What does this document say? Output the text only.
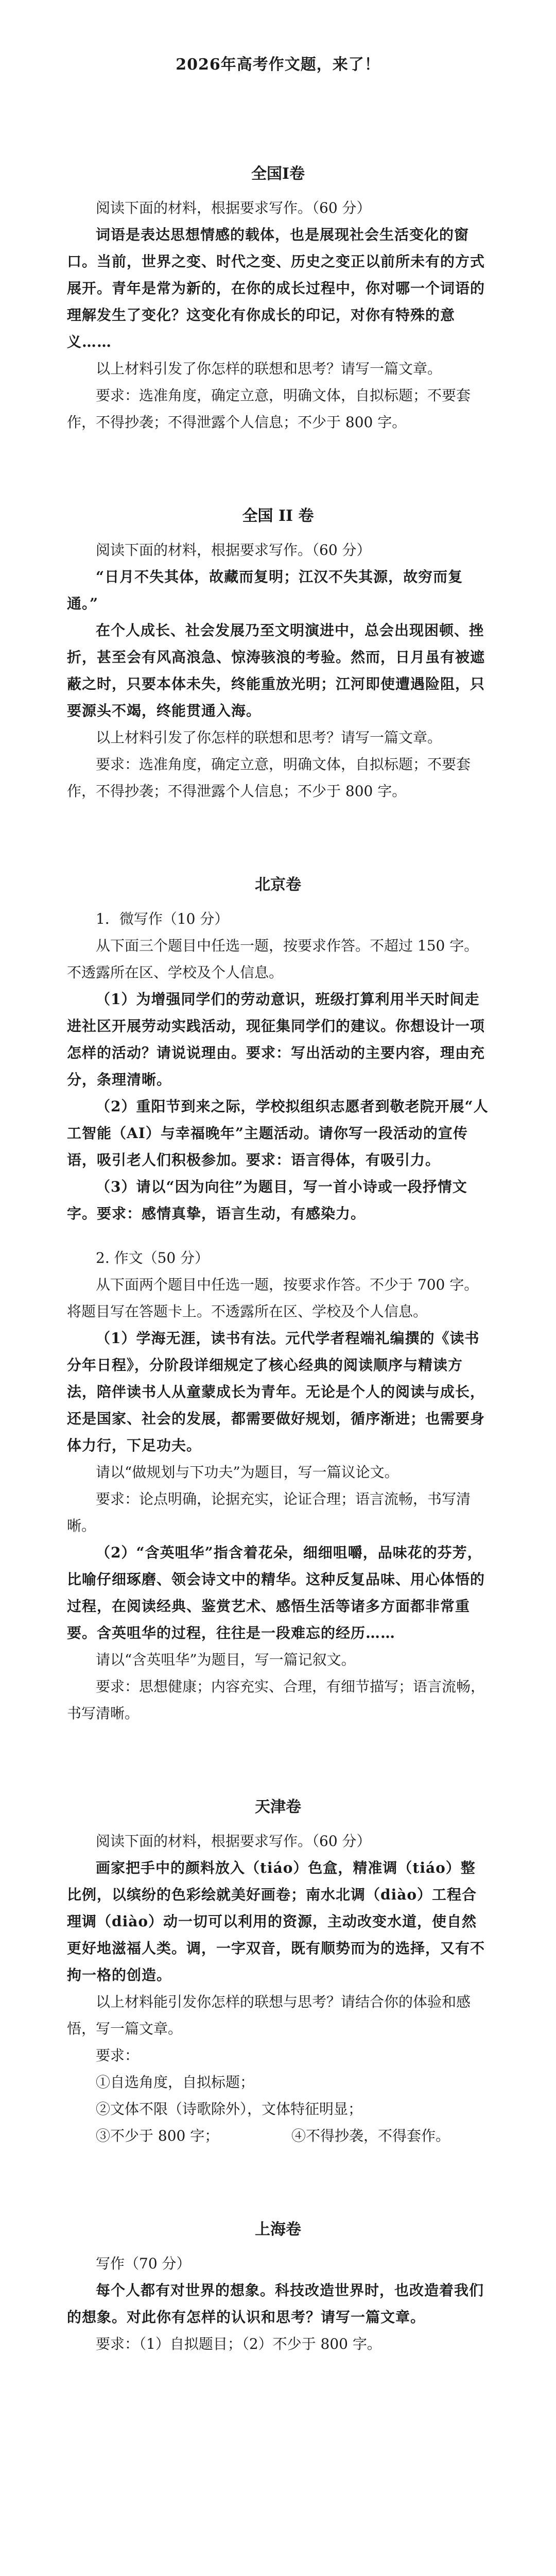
2026年高考作文题，来了！
全国Ⅰ卷

阅读下面的材料，根据要求写作。（60 分）

词语是表达思想情感的载体，也是展现社会生活变化的窗口。当前，世界之变、时代之变、历史之变正以前所未有的方式展开。青年是常为新的，在你的成长过程中，你对哪一个词语的理解发生了变化？这变化有你成长的印记，对你有特殊的意义……

以上材料引发了你怎样的联想和思考？请写一篇文章。

要求：选准角度，确定立意，明确文体，自拟标题；不要套作，不得抄袭；不得泄露个人信息；不少于 800 字。

全国 II 卷

阅读下面的材料，根据要求写作。（60 分）

“日月不失其体，故藏而复明；江汉不失其源，故穷而复通。”

在个人成长、社会发展乃至文明演进中，总会出现困顿、挫折，甚至会有风高浪急、惊涛骇浪的考验。然而，日月虽有被遮蔽之时，只要本体未失，终能重放光明；江河即使遭遇险阻，只要源头不竭，终能贯通入海。

以上材料引发了你怎样的联想和思考？请写一篇文章。

要求：选准角度，确定立意，明确文体，自拟标题；不要套作，不得抄袭；不得泄露个人信息；不少于 800 字。

北京卷

1．微写作（10 分）

从下面三个题目中任选一题，按要求作答。不超过 150 字。不透露所在区、学校及个人信息。

（1）为增强同学们的劳动意识，班级打算利用半天时间走进社区开展劳动实践活动，现征集同学们的建议。你想设计一项怎样的活动？请说说理由。要求：写出活动的主要内容，理由充分，条理清晰。

（2）重阳节到来之际，学校拟组织志愿者到敬老院开展“人工智能（AI）与幸福晚年”主题活动。请你写一段活动的宣传语，吸引老人们积极参加。要求：语言得体，有吸引力。

（3）请以“因为向往”为题目，写一首小诗或一段抒情文字。要求：感情真挚，语言生动，有感染力。

2. 作文（50 分）

从下面两个题目中任选一题，按要求作答。不少于 700 字。将题目写在答题卡上。不透露所在区、学校及个人信息。

（1）学海无涯，读书有法。元代学者程端礼编撰的《读书分年日程》，分阶段详细规定了核心经典的阅读顺序与精读方法，陪伴读书人从童蒙成长为青年。无论是个人的阅读与成长，还是国家、社会的发展，都需要做好规划，循序渐进；也需要身体力行，下足功夫。

请以“做规划与下功夫”为题目，写一篇议论文。

要求：论点明确，论据充实，论证合理；语言流畅，书写清晰。

（2）“含英咀华”指含着花朵，细细咀嚼，品味花的芬芳，比喻仔细琢磨、领会诗文中的精华。这种反复品味、用心体悟的过程，在阅读经典、鉴赏艺术、感悟生活等诸多方面都非常重要。含英咀华的过程，往往是一段难忘的经历……

请以“含英咀华”为题目，写一篇记叙文。

要求：思想健康；内容充实、合理，有细节描写；语言流畅，书写清晰。

天津卷

阅读下面的材料，根据要求写作。（60 分）

画家把手中的颜料放入（tiáo）色盒，精准调（tiáo）整比例，以缤纷的色彩绘就美好画卷；南水北调（diào）工程合理调（diào）动一切可以利用的资源，主动改变水道，使自然更好地滋福人类。调，一字双音，既有顺势而为的选择，又有不拘一格的创造。

以上材料能引发你怎样的联想与思考？请结合你的体验和感悟，写一篇文章。

要求：①自选角度，自拟标题；

②文体不限（诗歌除外），文体特征明显；

③不少于 800 字；	④不得抄袭，不得套作。
上海卷

写作（70 分）

每个人都有对世界的想象。科技改造世界时，也改造着我们的想象。对此你有怎样的认识和思考？请写一篇文章。

要求：（1）自拟题目；（2）不少于 800 字。
